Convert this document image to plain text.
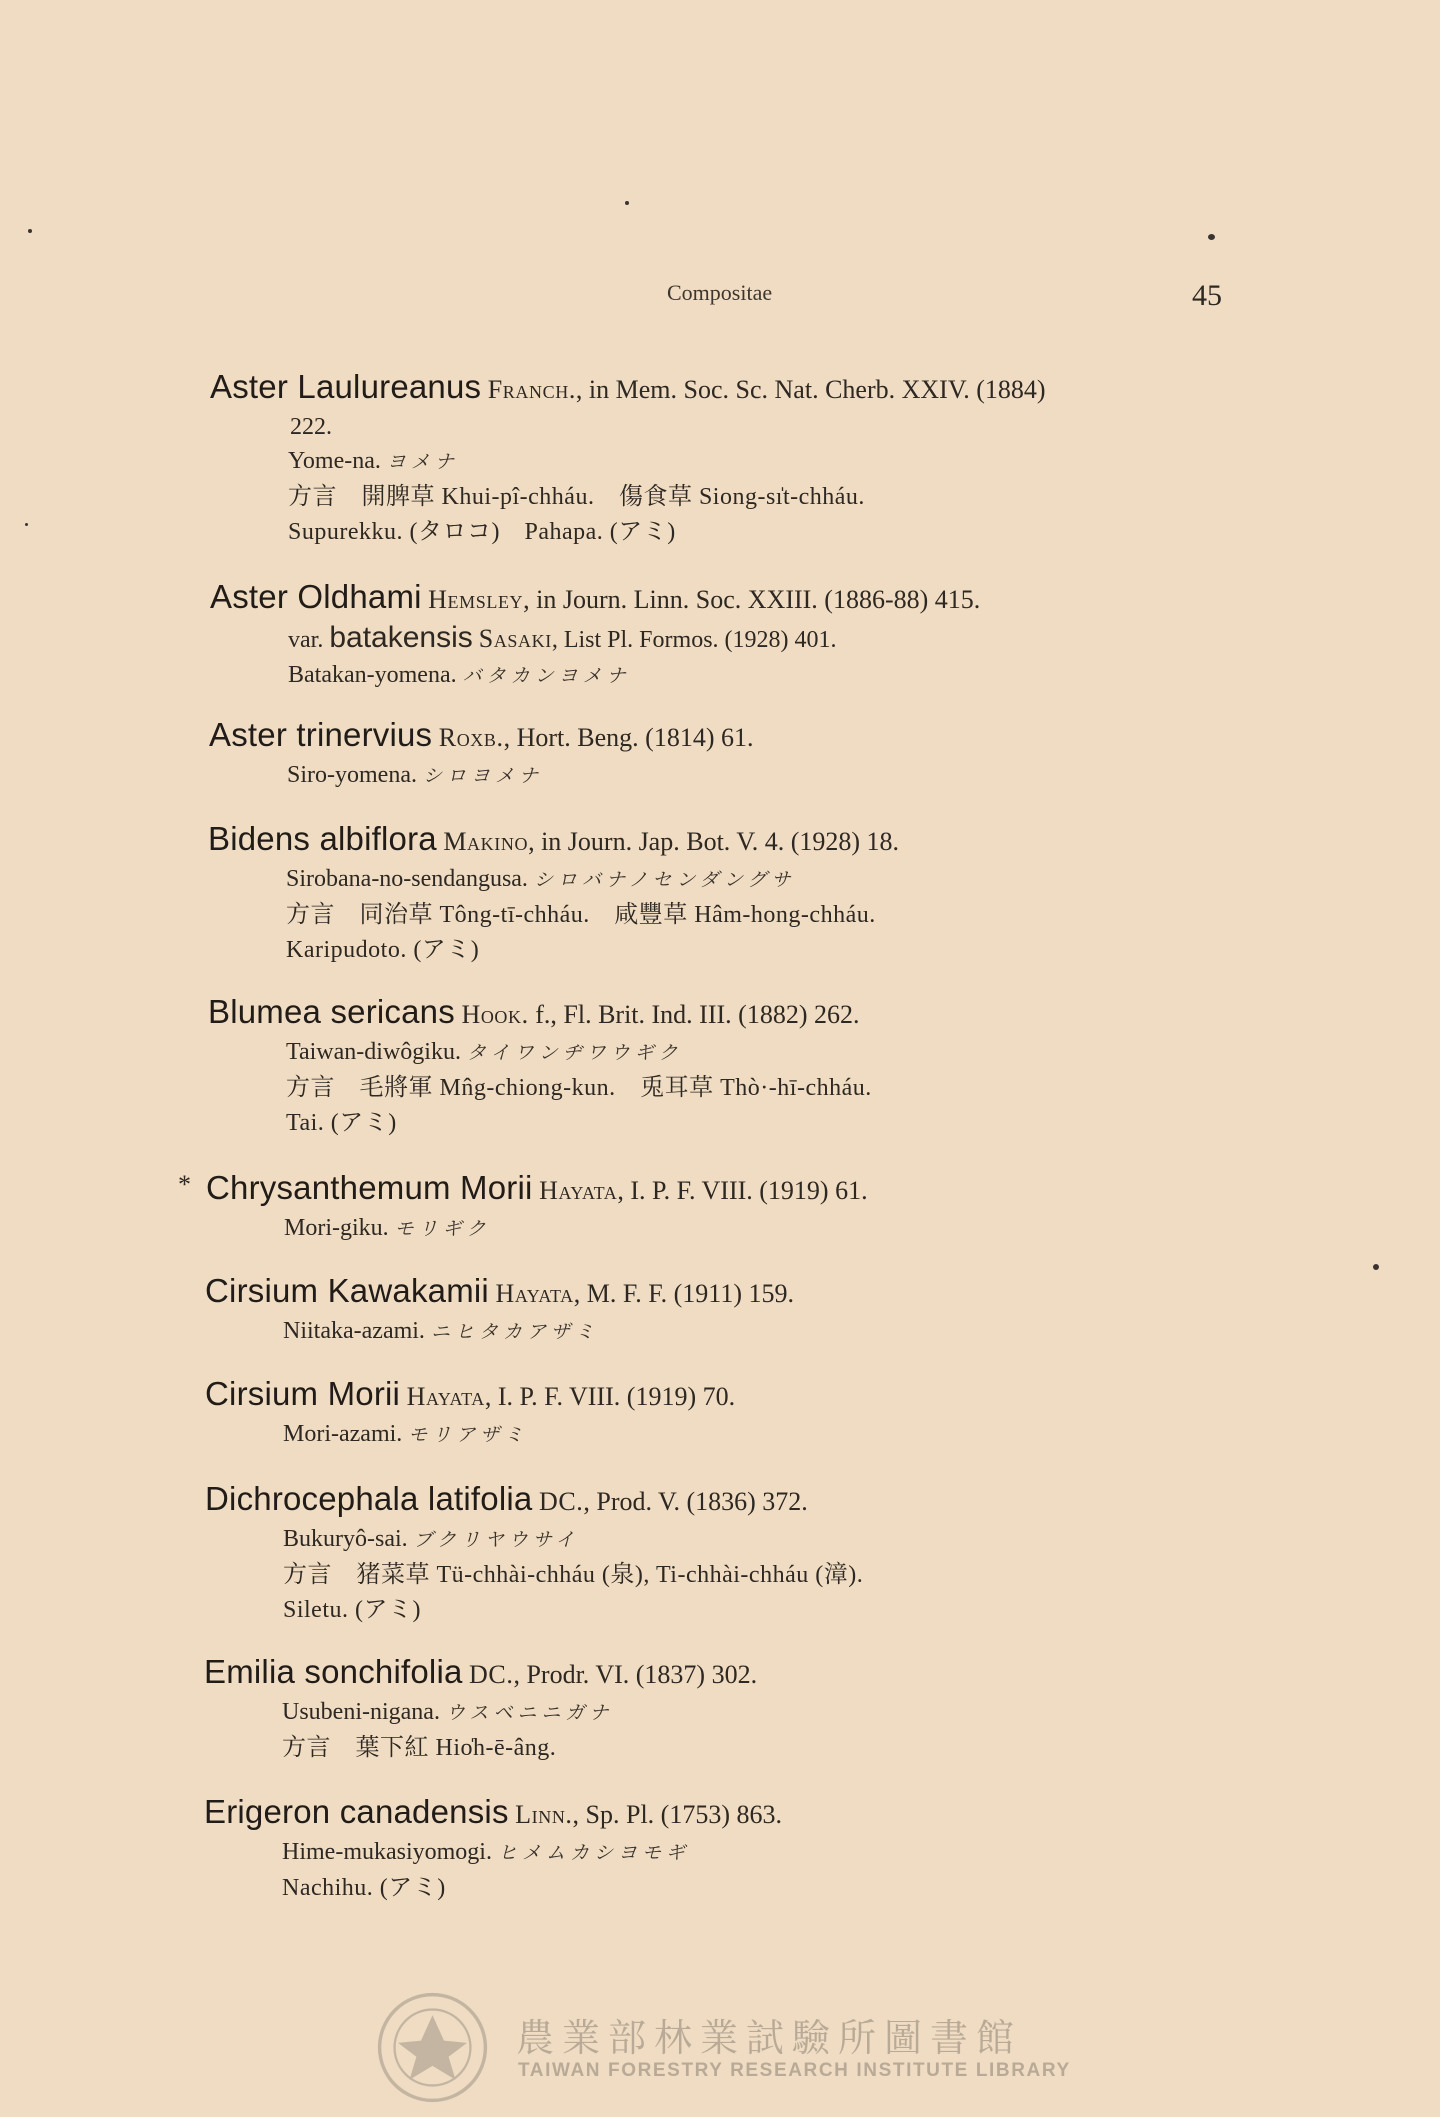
Compositae	45
Aster Laulureanus Franch., in Mem. Soc. Sc. Nat. Cherb. XXIV. (1884)
222.
Yome-na. ヨメナ
方言　開脾草 Khui-pî-chháu.　傷食草 Siong-sı̍t-chháu.
Supurekku. (タロコ)　Pahapa. (アミ)
Aster Oldhami Hemsley, in Journ. Linn. Soc. XXIII. (1886-88) 415.
var. batakensis Sasaki, List Pl. Formos. (1928) 401.
Batakan-yomena. バタカンヨメナ
Aster trinervius Roxb., Hort. Beng. (1814) 61.
Siro-yomena. シロヨメナ
Bidens albiflora Makino, in Journ. Jap. Bot. V. 4. (1928) 18.
Sirobana-no-sendangusa. シロバナノセンダングサ
方言　同治草 Tông-tī-chháu.　咸豐草 Hâm-hong-chháu.
Karipudoto. (アミ)
Blumea sericans Hook. f., Fl. Brit. Ind. III. (1882) 262.
Taiwan-diwôgiku. タイワンヂワウギク
方言　毛將軍 Mn̂g-chiong-kun.　兎耳草 Thò·-hī-chháu.
Tai. (アミ)
* Chrysanthemum Morii Hayata, I. P. F. VIII. (1919) 61.
Mori-giku. モリギク
Cirsium Kawakamii Hayata, M. F. F. (1911) 159.
Niitaka-azami. ニヒタカアザミ
Cirsium Morii Hayata, I. P. F. VIII. (1919) 70.
Mori-azami. モリアザミ
Dichrocephala latifolia DC., Prod. V. (1836) 372.
Bukuryô-sai. ブクリヤウサイ
方言　猪菜草 Tü-chhài-chháu (泉), Ti-chhài-chháu (漳).
Siletu. (アミ)
Emilia sonchifolia DC., Prodr. VI. (1837) 302.
Usubeni-nigana. ウスベニニガナ
方言　葉下紅 Hio̍h-ē-âng.
Erigeron canadensis Linn., Sp. Pl. (1753) 863.
Hime-mukasiyomogi. ヒメムカシヨモギ
Nachihu. (アミ)
農業部林業試驗所圖書館
TAIWAN FORESTRY RESEARCH INSTITUTE LIBRARY
